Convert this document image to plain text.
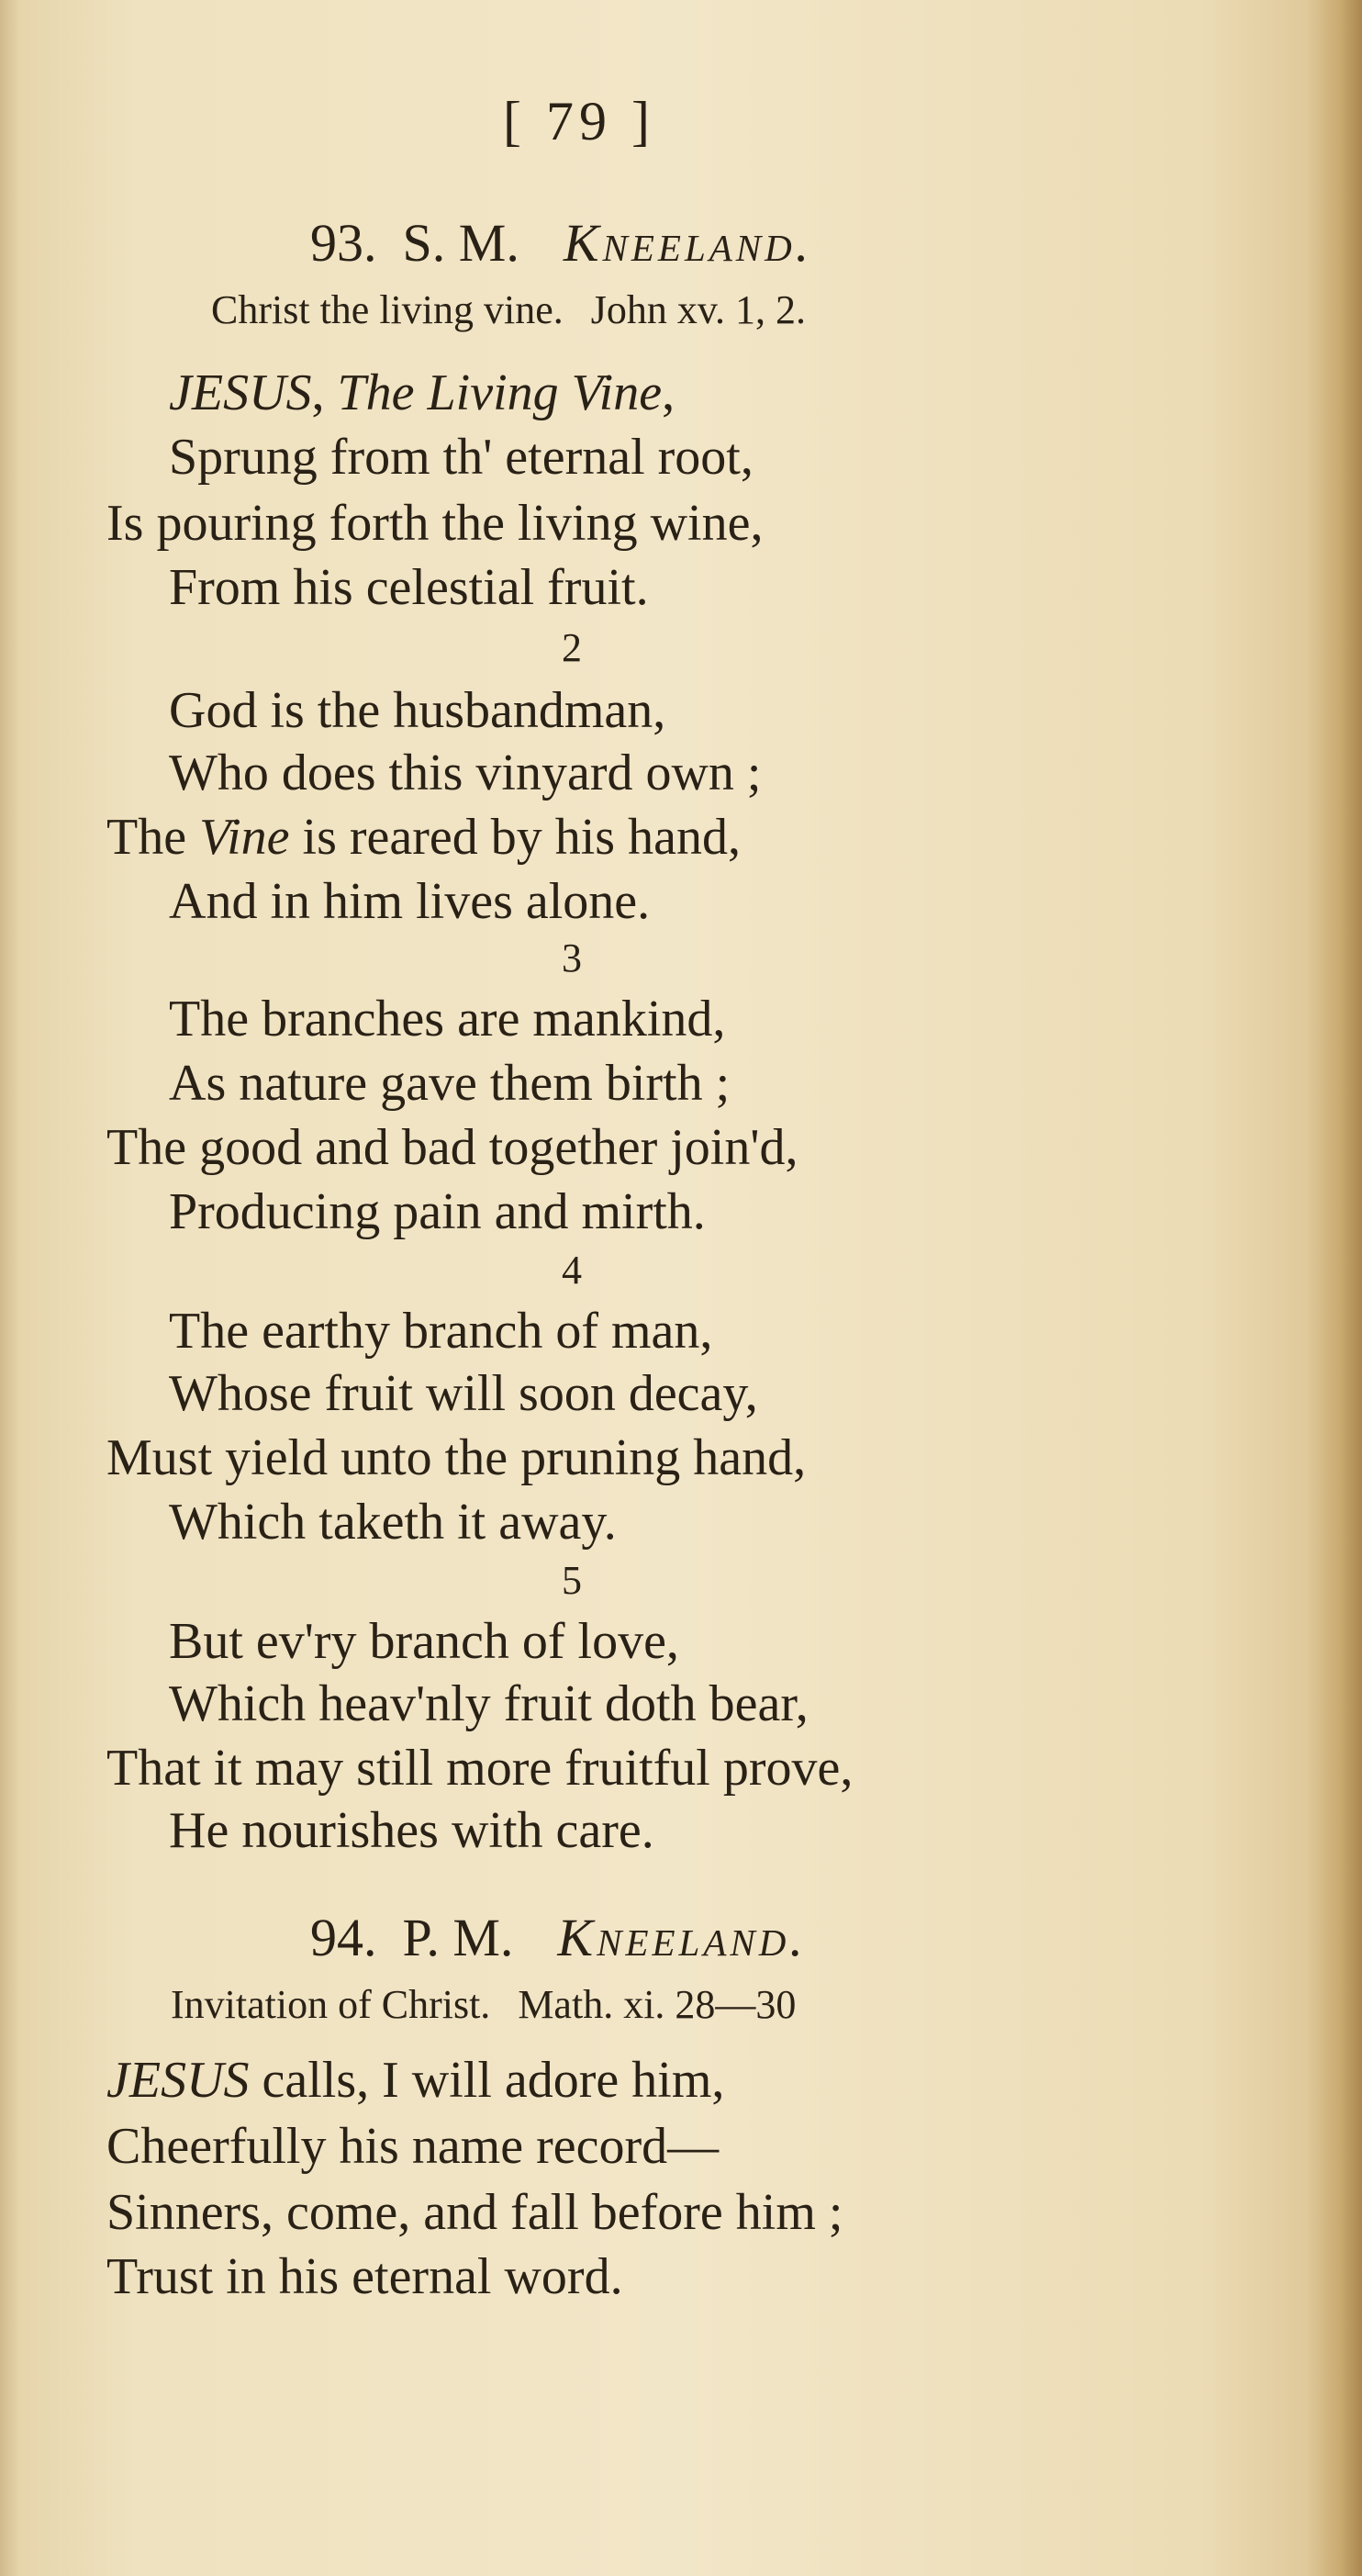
[ 79 ]
93. S. M. Kneeland.
Christ the living vine. John xv. 1, 2.
JESUS, The Living Vine,
Sprung from th' eternal root,
Is pouring forth the living wine,
From his celestial fruit.
2
God is the husbandman,
Who does this vinyard own ;
The Vine is reared by his hand,
And in him lives alone.
3
The branches are mankind,
As nature gave them birth ;
The good and bad together join'd,
Producing pain and mirth.
4
The earthy branch of man,
Whose fruit will soon decay,
Must yield unto the pruning hand,
Which taketh it away.
5
But ev'ry branch of love,
Which heav'nly fruit doth bear,
That it may still more fruitful prove,
He nourishes with care.
94. P. M. Kneeland.
Invitation of Christ. Math. xi. 28—30
JESUS calls, I will adore him,
Cheerfully his name record—
Sinners, come, and fall before him ;
Trust in his eternal word.
